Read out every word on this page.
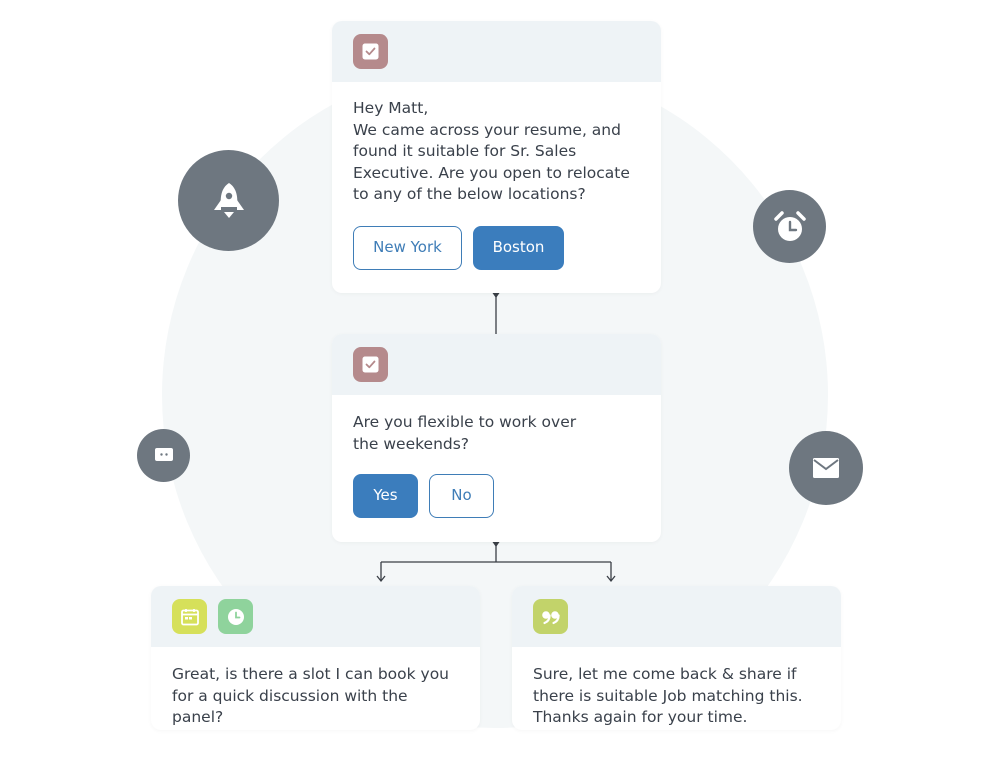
Hey Matt,
We came across your resume, and found it suitable for Sr. Sales Executive. Are you open to relocate to any of the below locations?
New York	Boston
Are you flexible to work over the weekends?
Yes	No
Great, is there a slot I can book you for a quick discussion with the panel?
Sure, let me come back & share if there is suitable Job matching this. Thanks again for your time.
